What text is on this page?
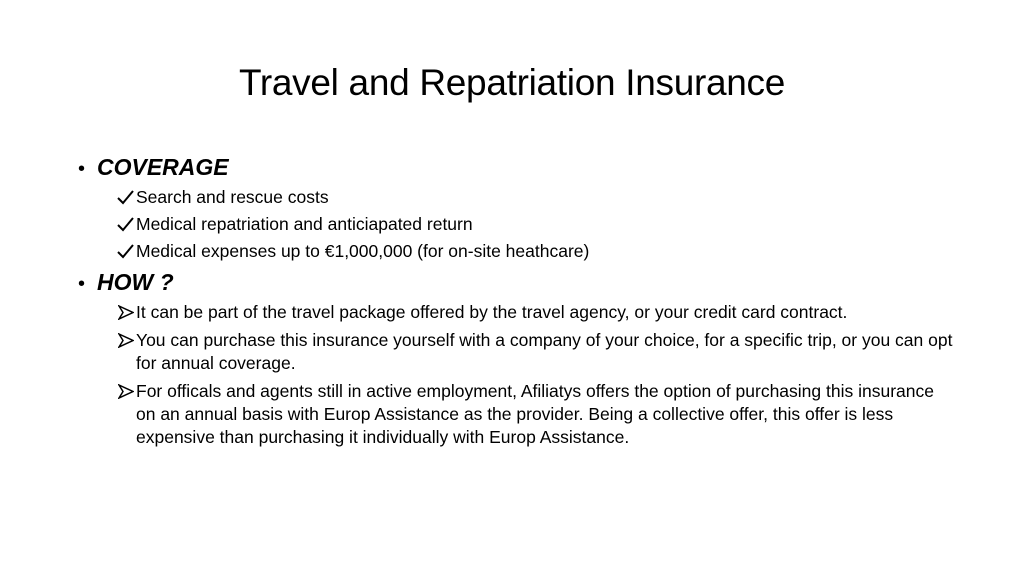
Travel and Repatriation Insurance
• COVERAGE
Search and rescue costs
Medical repatriation and anticiapated return
Medical expenses up to €1,000,000 (for on-site heathcare)
• HOW ?
It can be part of the travel package offered by the travel agency, or your credit card contract.
You can purchase this insurance yourself with a company of your choice, for a specific trip, or you can opt for annual coverage.
For officals and agents still in active employment, Afiliatys offers the option of purchasing this insurance on an annual basis with Europ Assistance as the provider. Being a collective offer, this offer is less expensive than purchasing it individually with Europ Assistance.
